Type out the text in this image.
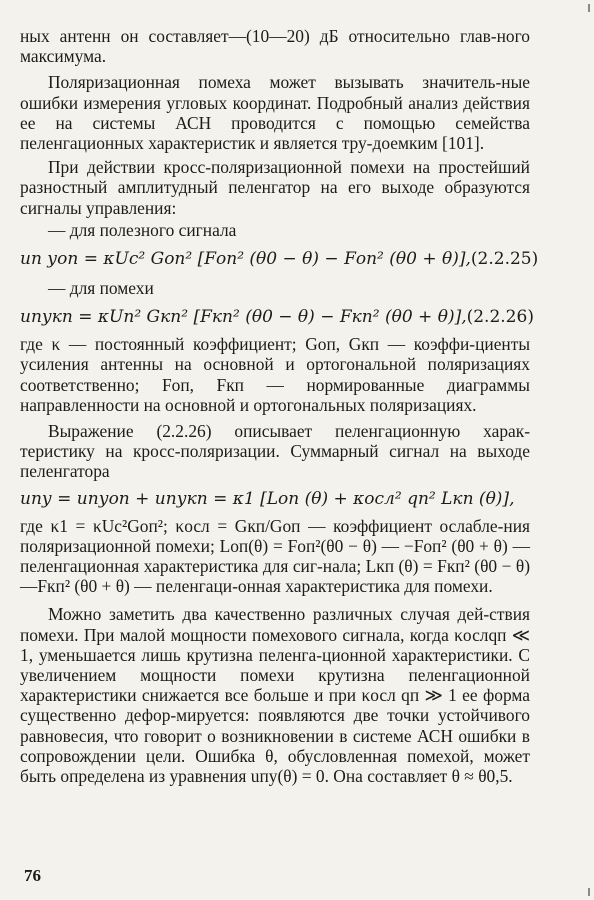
ных антенн он составляет—(10—20) дБ относительно глав-ного максимума.

Поляризационная помеха может вызывать значитель-ные ошибки измерения угловых координат. Подробный анализ действия ее на системы АСН проводится с помощью семейства пеленгационных характеристик и является тру-доемким [101].

При действии кросс-поляризационной помехи на простейший разностный амплитудный пеленгатор на его выходе образуются сигналы управления:

— для полезного сигнала

uп уоп = κUc² Gоп² [Fоп² (θ0 − θ) − Fоп² (θ0 + θ)], (2.2.25)

— для помехи

uпукп = κUп² Gкп² [Fкп² (θ0 − θ) − Fкп² (θ0 + θ)], (2.2.26)

где κ — постоянный коэффициент; Gоп, Gкп — коэффи-циенты усиления антенны на основной и ортогональной поляризациях соответственно; Fоп, Fкп — нормированные диаграммы направленности на основной и ортогональных поляризациях.

Выражение (2.2.26) описывает пеленгационную харак-теристику на кросс-поляризации. Суммарный сигнал на выходе пеленгатора

uпу = uпуоп + uпукп = κ1 [Lоп (θ) + κосл² qп² Lкп (θ)],

где κ1 = κUc²Gоп²; κосл = Gкп/Gоп — коэффициент ослабле-ния поляризационной помехи; Lоп(θ) = Fоп²(θ0 − θ) — −Fоп² (θ0 + θ) — пеленгационная характеристика для сиг-нала; Lкп (θ) = Fкп² (θ0 − θ)—Fкп² (θ0 + θ) — пеленгаци-онная характеристика для помехи.

Можно заметить два качественно различных случая дей-ствия помехи. При малой мощности помехового сигнала, когда κослqп ≪ 1, уменьшается лишь крутизна пеленга-ционной характеристики. С увеличением мощности помехи крутизна пеленгационной характеристики снижается все больше и при κосл qп ≫ 1 ее форма существенно дефор-мируется: появляются две точки устойчивого равновесия, что говорит о возникновении в системе АСН ошибки в сопровождении цели. Ошибка θ, обусловленная помехой, может быть определена из уравнения uпу(θ) = 0. Она составляет θ ≈ θ0,5.

76
